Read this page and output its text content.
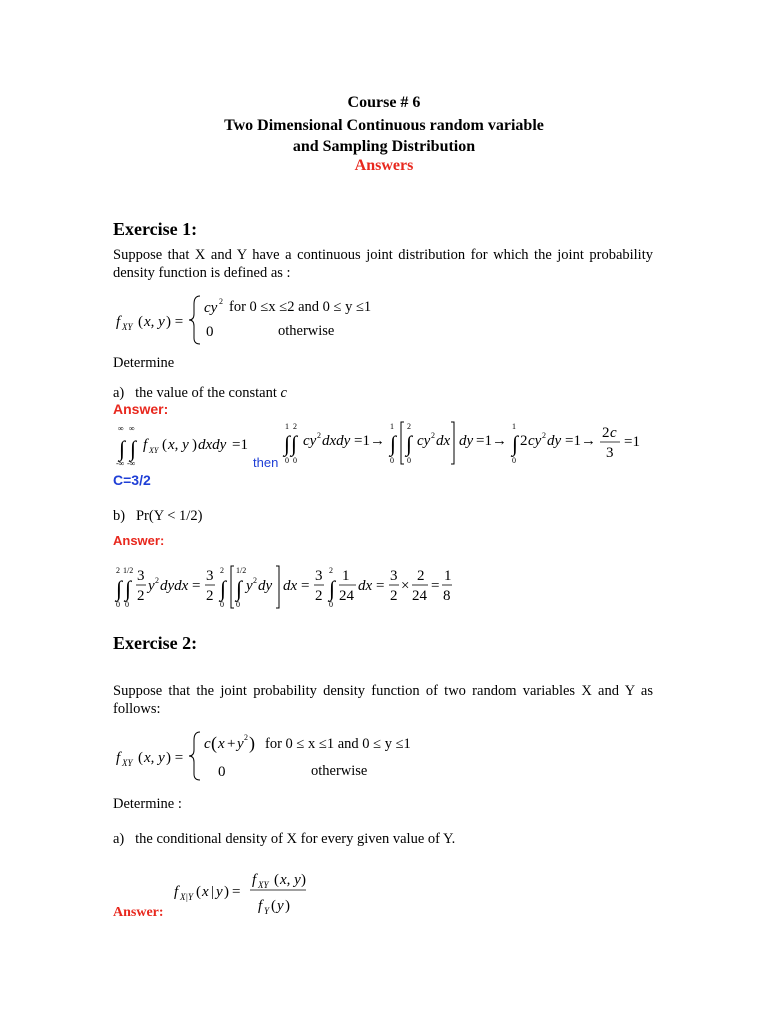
Course # 6
Two Dimensional Continuous random variable
and Sampling Distribution
Answers
Exercise 1:
Suppose that X and Y have a continuous joint distribution for which the joint probability density function is defined as :
f XY ( x, y ) =
cy 2
0
for 0 ≤x ≤2 and 0 ≤ y ≤1
otherwise
Determine
a) the value of the constant c
Answer:
∞ ∞
∫ ∫
-∞ -∞
f XY ( x, y ) dxdy =1
1 2
∫ ∫
0 0
cy 2 dxdy =1→
1
∫
0
2
∫
0
cy 2 dx dy =1→
1
∫
0
2 cy 2 dy =1→ 2 c
3
=1
then
C=3/2
b) Pr(Y < 1/2)
Answer:
2 1/2
∫ ∫
0 0
3
2
y 2 dydx =
3
2
2
∫
0
1/2
∫
0
y 2 dy dx =
3
2
2
∫
0
1
24
dx =
3
2
×
2
24
=
1
8
Exercise 2:
Suppose that the joint probability density function of two random variables X and Y as follows:
f XY ( x, y ) =
c ( x + y 2 )
0
for 0 ≤ x ≤1 and 0 ≤ y ≤1
otherwise
Determine :
a) the conditional density of X for every given value of Y.
f X|Y ( x | y ) =
f XY ( x, y )
f Y ( y )
Answer:
